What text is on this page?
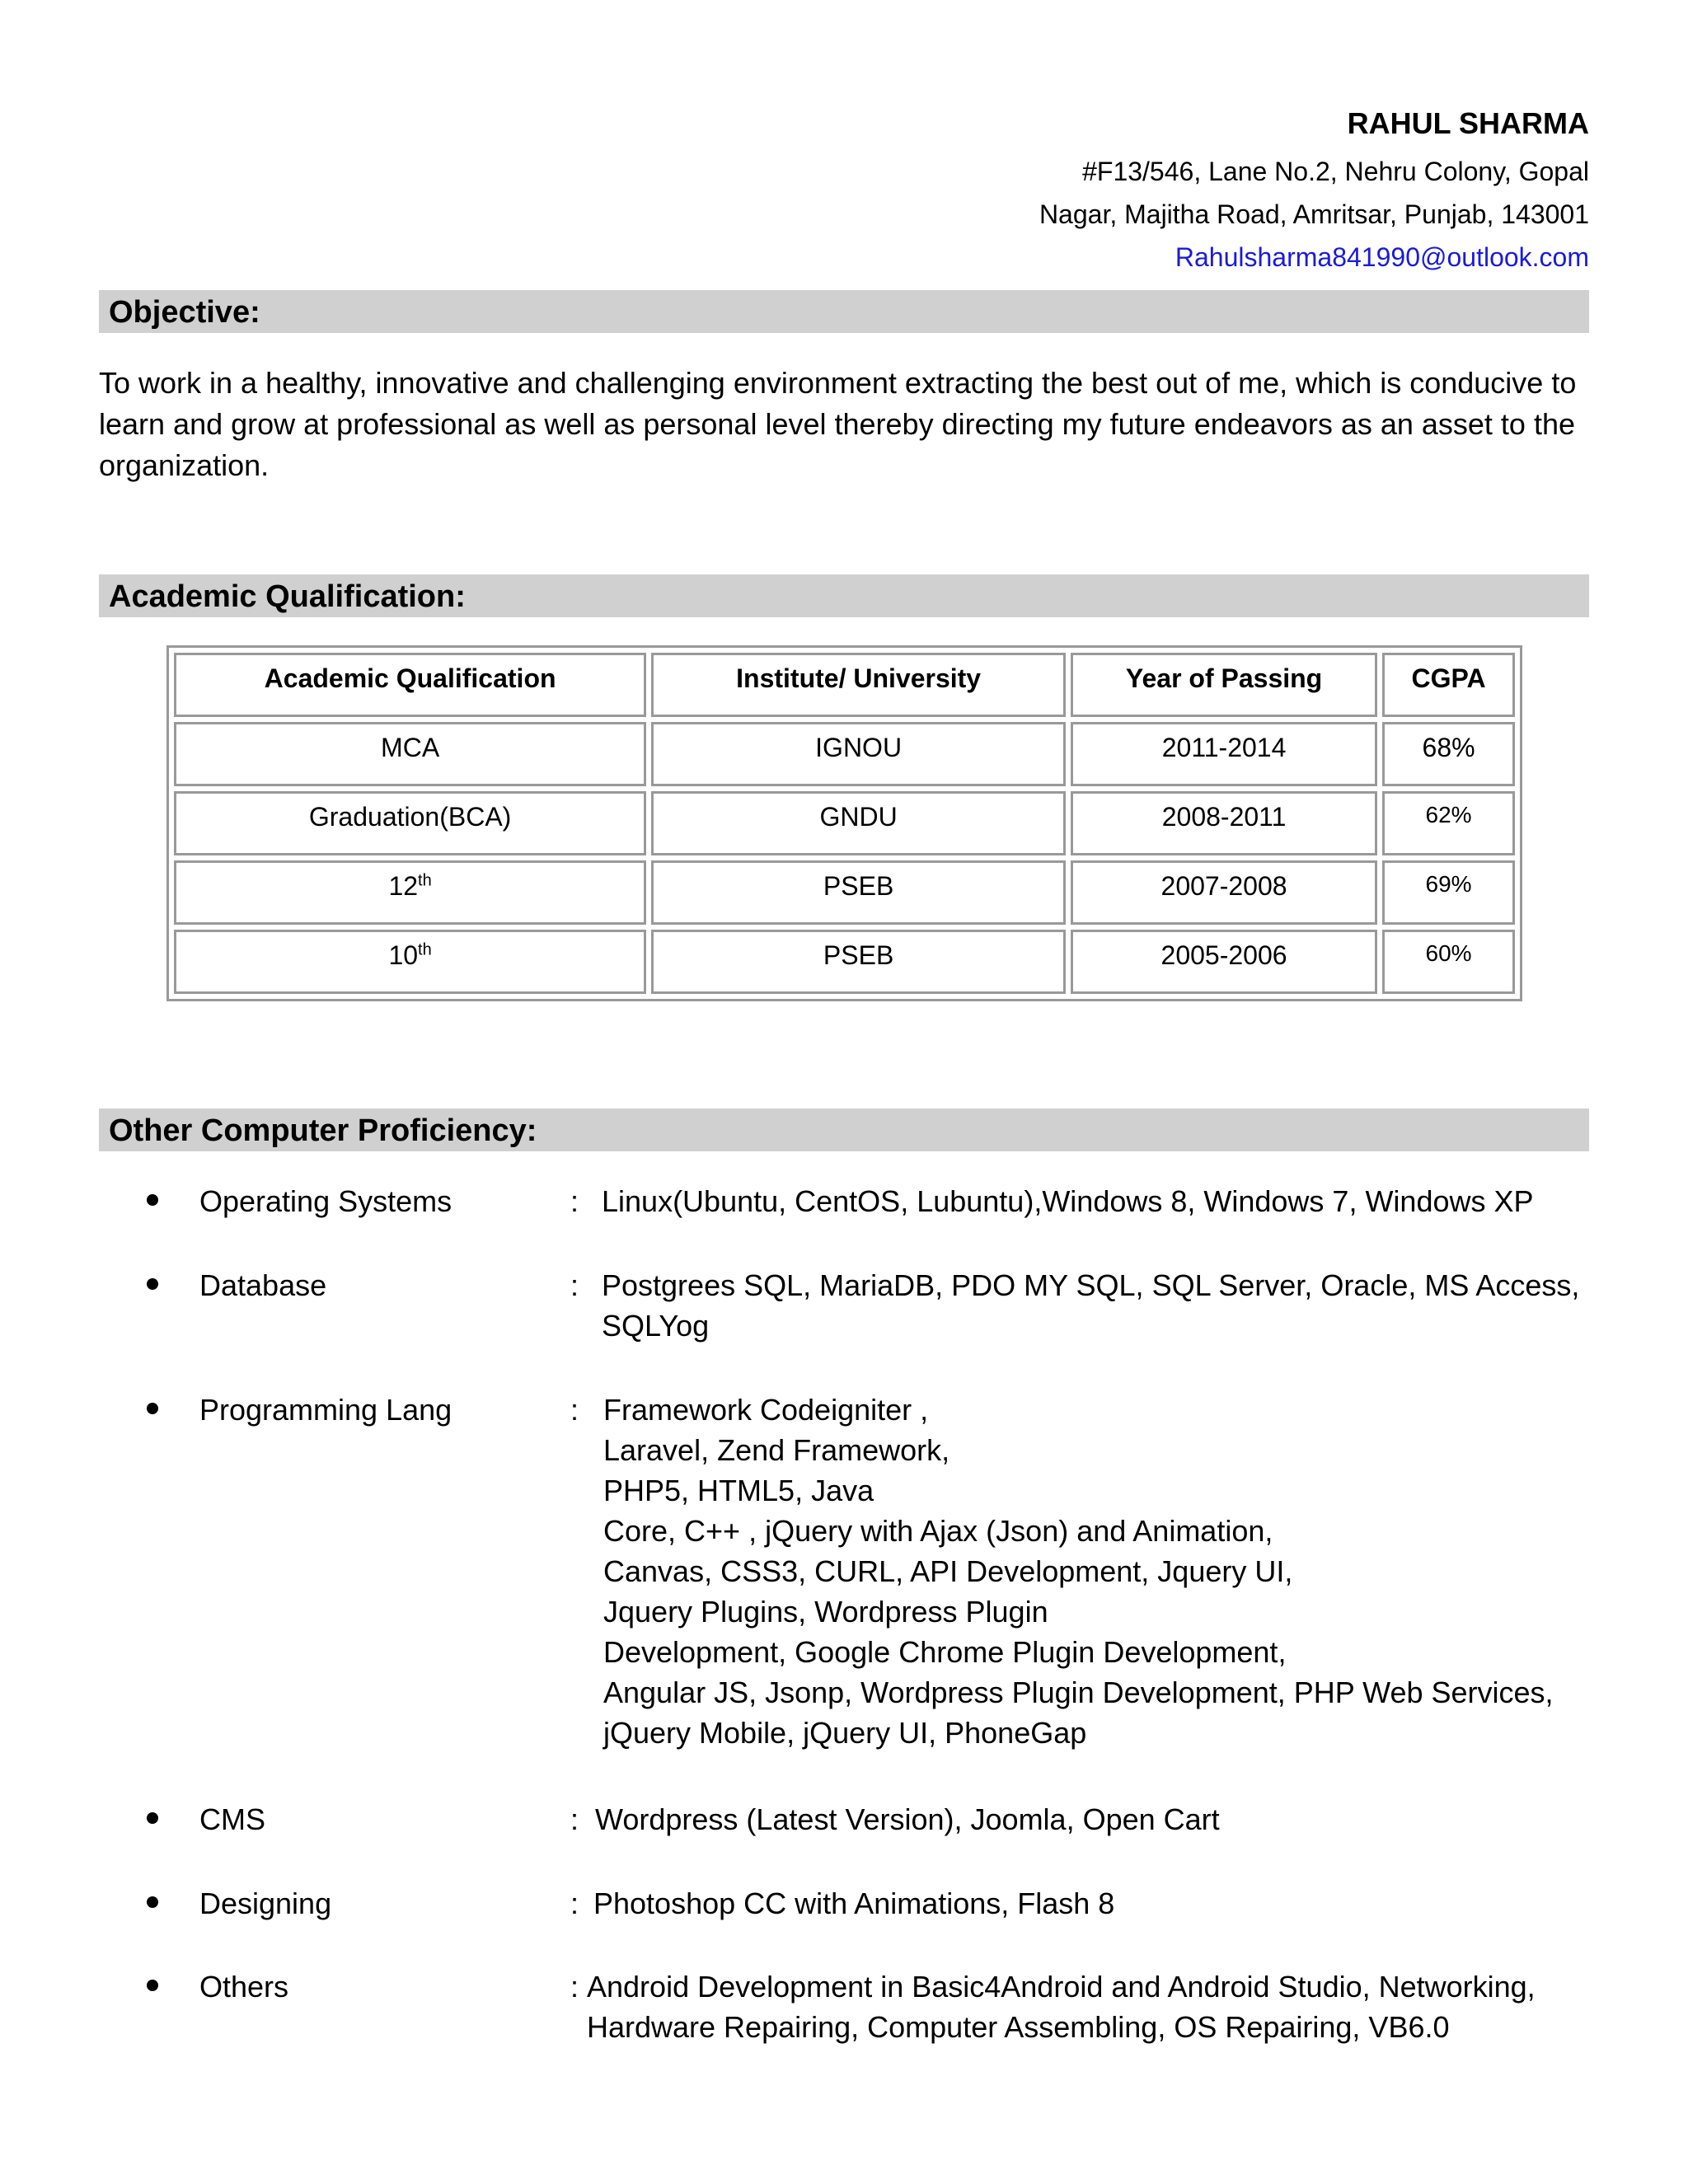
RAHUL SHARMA
#F13/546, Lane No.2, Nehru Colony, Gopal
Nagar, Majitha Road, Amritsar, Punjab, 143001
Rahulsharma841990@outlook.com
Objective:
To work in a healthy, innovative and challenging environment extracting the best out of me, which is conducive to learn and grow at professional as well as personal level thereby directing my future endeavors as an asset to the organization.
Academic Qualification:
Academic Qualification	Institute/ University	Year of Passing	CGPA
MCA	IGNOU	2011-2014	68%
Graduation(BCA)	GNDU	2008-2011	62%
12th	PSEB	2007-2008	69%
10th	PSEB	2005-2006	60%
Other Computer Proficiency:
Operating Systems	: Linux(Ubuntu, CentOS, Lubuntu),Windows 8, Windows 7, Windows XP
Database	: Postgrees SQL, MariaDB, PDO MY SQL, SQL Server, Oracle, MS Access,
SQLYog
Programming Lang	: Framework Codeigniter ,
Laravel, Zend Framework,
PHP5, HTML5, Java
Core, C++ , jQuery with Ajax (Json) and Animation,
Canvas, CSS3, CURL, API Development, Jquery UI,
Jquery Plugins, Wordpress Plugin
Development, Google Chrome Plugin Development,
Angular JS, Jsonp, Wordpress Plugin Development, PHP Web Services,
jQuery Mobile, jQuery UI, PhoneGap
CMS	: Wordpress (Latest Version), Joomla, Open Cart
Designing	: Photoshop CC with Animations, Flash 8
Others	: Android Development in Basic4Android and Android Studio, Networking,
Hardware Repairing, Computer Assembling, OS Repairing, VB6.0
